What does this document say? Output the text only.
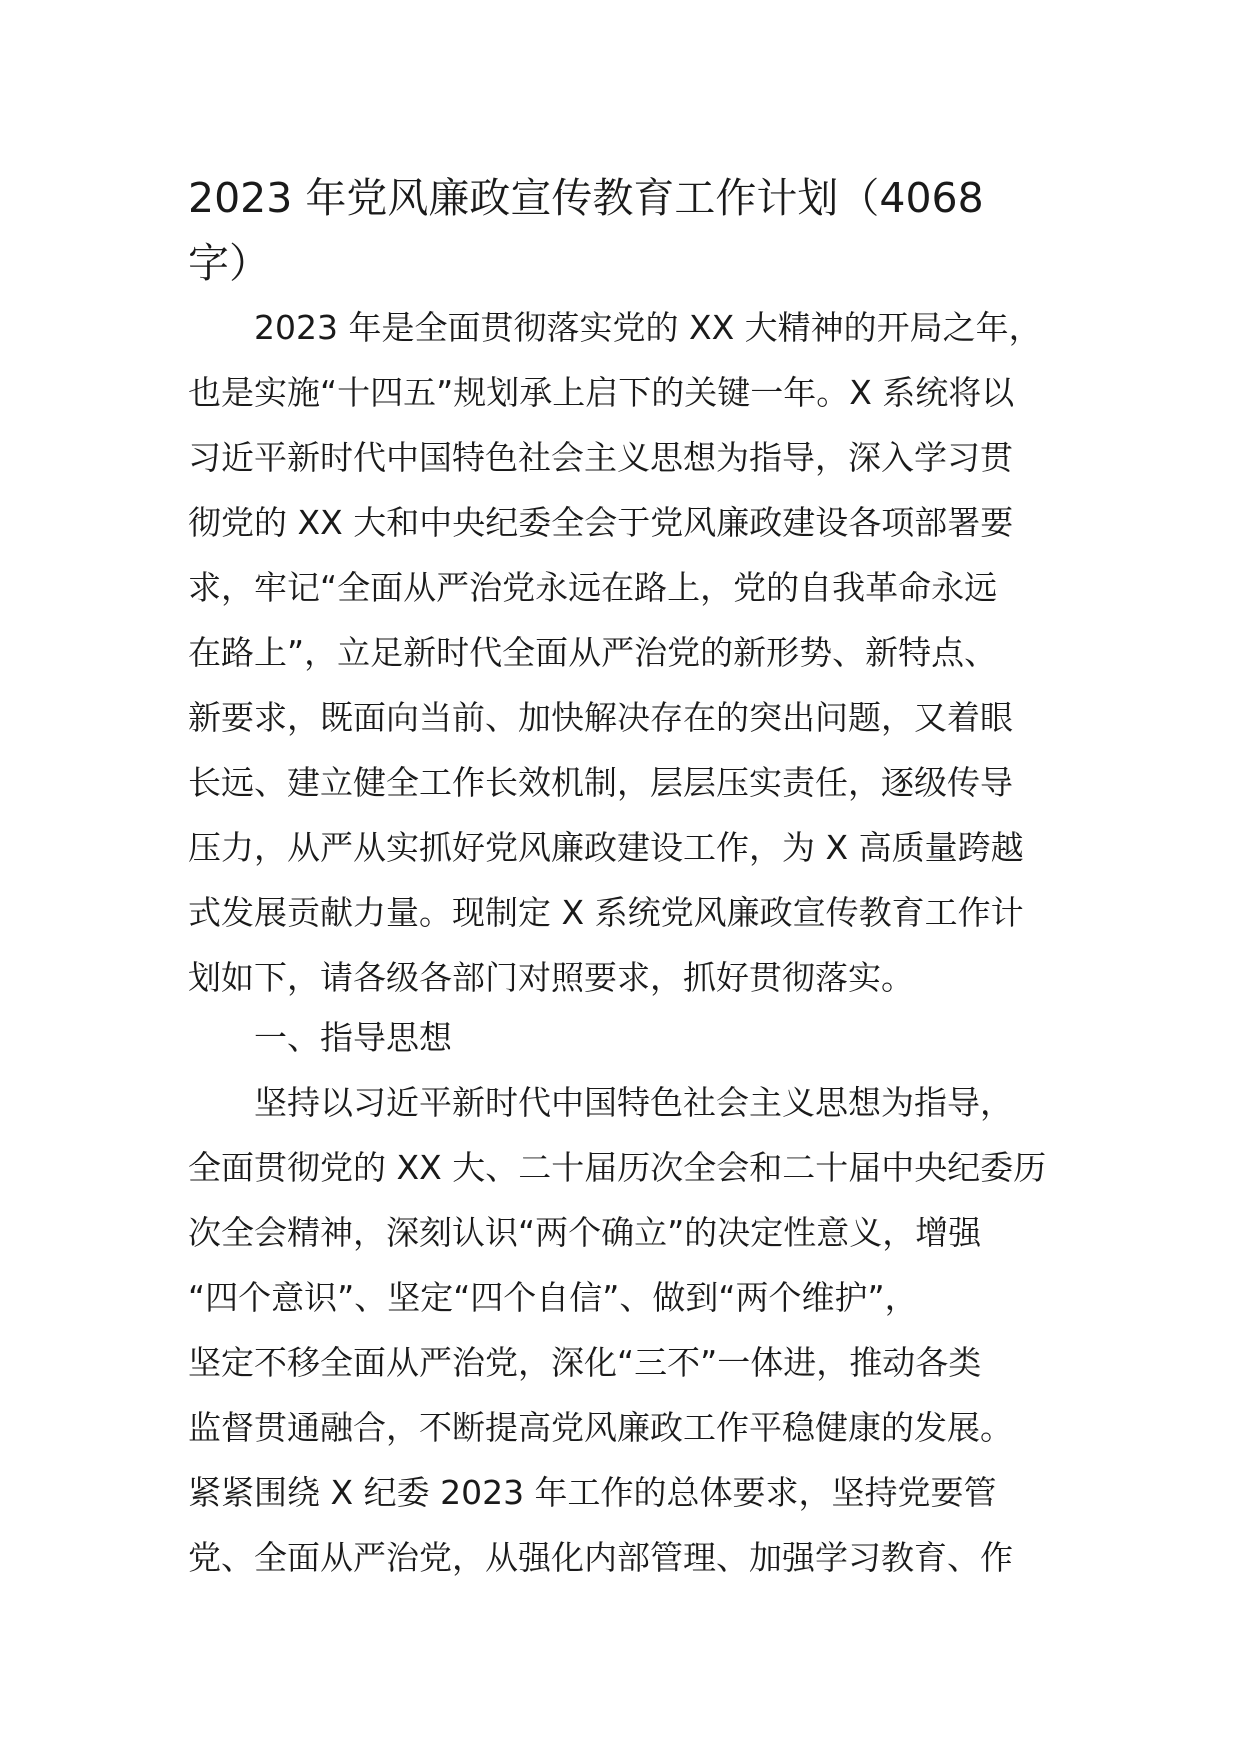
2023 年党风廉政宣传教育工作计划（4068
字）
2023 年是全面贯彻落实党的 XX 大精神的开局之年，
也是实施“十四五”规划承上启下的关键一年。X 系统将以
习近平新时代中国特色社会主义思想为指导，深入学习贯
彻党的 XX 大和中央纪委全会于党风廉政建设各项部署要
求，牢记“全面从严治党永远在路上，党的自我革命永远
在路上”，立足新时代全面从严治党的新形势、新特点、
新要求，既面向当前、加快解决存在的突出问题，又着眼
长远、建立健全工作长效机制，层层压实责任，逐级传导
压力，从严从实抓好党风廉政建设工作，为 X 高质量跨越
式发展贡献力量。现制定 X 系统党风廉政宣传教育工作计
划如下，请各级各部门对照要求，抓好贯彻落实。
一、指导思想
坚持以习近平新时代中国特色社会主义思想为指导，
全面贯彻党的 XX 大、二十届历次全会和二十届中央纪委历
次全会精神，深刻认识“两个确立”的决定性意义，增强
“四个意识”、坚定“四个自信”、做到“两个维护”，
坚定不移全面从严治党，深化“三不”一体进，推动各类
监督贯通融合，不断提高党风廉政工作平稳健康的发展。
紧紧围绕 X 纪委 2023 年工作的总体要求，坚持党要管
党、全面从严治党，从强化内部管理、加强学习教育、作
